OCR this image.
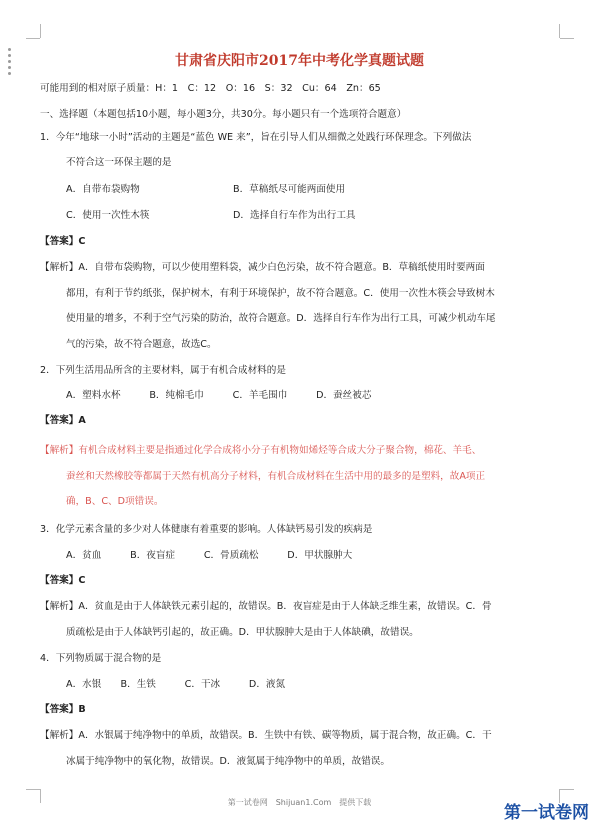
甘肃省庆阳市2017年中考化学真题试题
可能用到的相对原子质量：H：1　C：12　O：16　S：32　Cu：64　Zn：65
一、选择题（本题包括10小题，每小题3分，共30分。每小题只有一个选项符合题意）
1．今年“地球一小时”活动的主题是“蓝色 WE 来”，旨在引导人们从细微之处践行环保理念。下列做法
不符合这一环保主题的是
A．自带布袋购物	B．草稿纸尽可能两面使用
C．使用一次性木筷	D．选择自行车作为出行工具
【答案】C
【解析】A．自带布袋购物，可以少使用塑料袋，减少白色污染，故不符合题意。B．草稿纸使用时要两面
都用，有利于节约纸张，保护树木，有利于环境保护，故不符合题意。C．使用一次性木筷会导致树木
使用量的增多，不利于空气污染的防治，故符合题意。D．选择自行车作为出行工具，可减少机动车尾
气的污染，故不符合题意，故选C。
2．下列生活用品所含的主要材料，属于有机合成材料的是
A．塑料水杯　　　B．纯棉毛巾　　　C．羊毛围巾　　　D．蚕丝被芯
【答案】A
【解析】有机合成材料主要是指通过化学合成将小分子有机物如烯烃等合成大分子聚合物，棉花、羊毛、
蚕丝和天然橡胶等都属于天然有机高分子材料，有机合成材料在生活中用的最多的是塑料，故A项正
确，B、C、D项错误。
3．化学元素含量的多少对人体健康有着重要的影响。人体缺钙易引发的疾病是
A．贫血　　　B．夜盲症　　　C．骨质疏松　　　D．甲状腺肿大
【答案】C
【解析】A．贫血是由于人体缺铁元素引起的，故错误。B．夜盲症是由于人体缺乏维生素，故错误。C．骨
质疏松是由于人体缺钙引起的，故正确。D．甲状腺肿大是由于人体缺碘，故错误。
4．下列物质属于混合物的是
A．水银　　B．生铁　　　C．干冰　　　D．液氮
【答案】B
【解析】A．水银属于纯净物中的单质，故错误。B．生铁中有铁、碳等物质，属于混合物，故正确。C．干
冰属于纯净物中的氧化物，故错误。D．液氮属于纯净物中的单质，故错误。
第一试卷网　Shijuan1.Com　提供下载
第一试卷网
